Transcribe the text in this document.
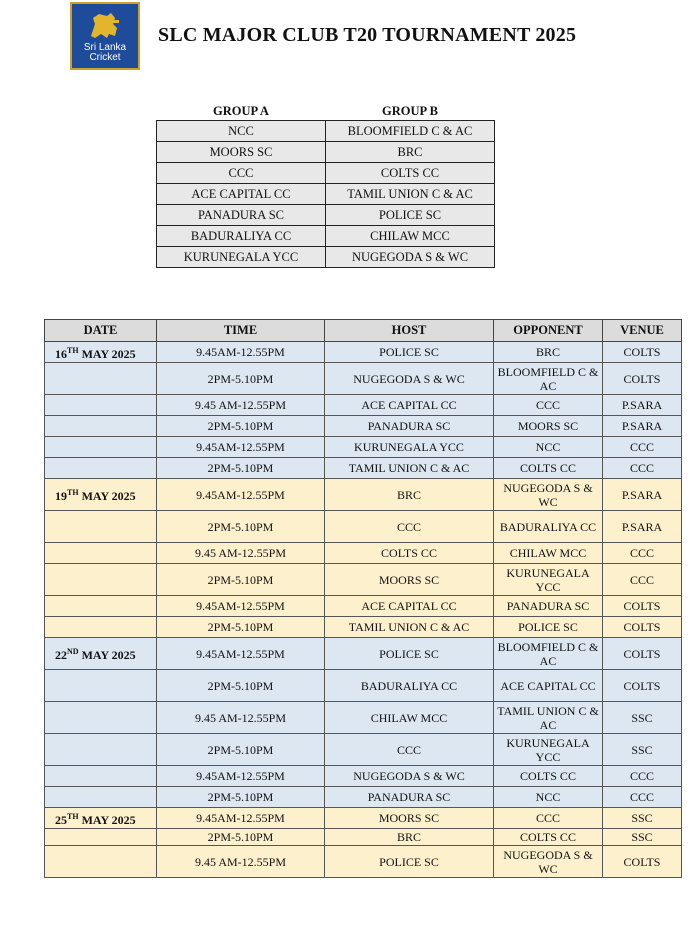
Sri Lanka
Cricket
SLC MAJOR CLUB T20 TOURNAMENT 2025
GROUP A	GROUP B
NCC	BLOOMFIELD C & AC
MOORS SC	BRC
CCC	COLTS CC
ACE CAPITAL CC	TAMIL UNION C & AC
PANADURA SC	POLICE SC
BADURALIYA CC	CHILAW MCC
KURUNEGALA YCC	NUGEGODA S & WC
DATE	TIME	HOST	OPPONENT	VENUE
16TH MAY 2025	9.45AM-12.55PM	POLICE SC	BRC	COLTS
	2PM-5.10PM	NUGEGODA S & WC	BLOOMFIELD C & AC	COLTS
	9.45 AM-12.55PM	ACE CAPITAL CC	CCC	P.SARA
	2PM-5.10PM	PANADURA SC	MOORS SC	P.SARA
	9.45AM-12.55PM	KURUNEGALA YCC	NCC	CCC
	2PM-5.10PM	TAMIL UNION C & AC	COLTS CC	CCC
19TH MAY 2025	9.45AM-12.55PM	BRC	NUGEGODA S & WC	P.SARA
	2PM-5.10PM	CCC	BADURALIYA CC	P.SARA
	9.45 AM-12.55PM	COLTS CC	CHILAW MCC	CCC
	2PM-5.10PM	MOORS SC	KURUNEGALA YCC	CCC
	9.45AM-12.55PM	ACE CAPITAL CC	PANADURA SC	COLTS
	2PM-5.10PM	TAMIL UNION C & AC	POLICE SC	COLTS
22ND MAY 2025	9.45AM-12.55PM	POLICE SC	BLOOMFIELD C & AC	COLTS
	2PM-5.10PM	BADURALIYA CC	ACE CAPITAL CC	COLTS
	9.45 AM-12.55PM	CHILAW MCC	TAMIL UNION C & AC	SSC
	2PM-5.10PM	CCC	KURUNEGALA YCC	SSC
	9.45AM-12.55PM	NUGEGODA S & WC	COLTS CC	CCC
	2PM-5.10PM	PANADURA SC	NCC	CCC
25TH MAY 2025	9.45AM-12.55PM	MOORS SC	CCC	SSC
	2PM-5.10PM	BRC	COLTS CC	SSC
	9.45 AM-12.55PM	POLICE SC	NUGEGODA S & WC	COLTS
